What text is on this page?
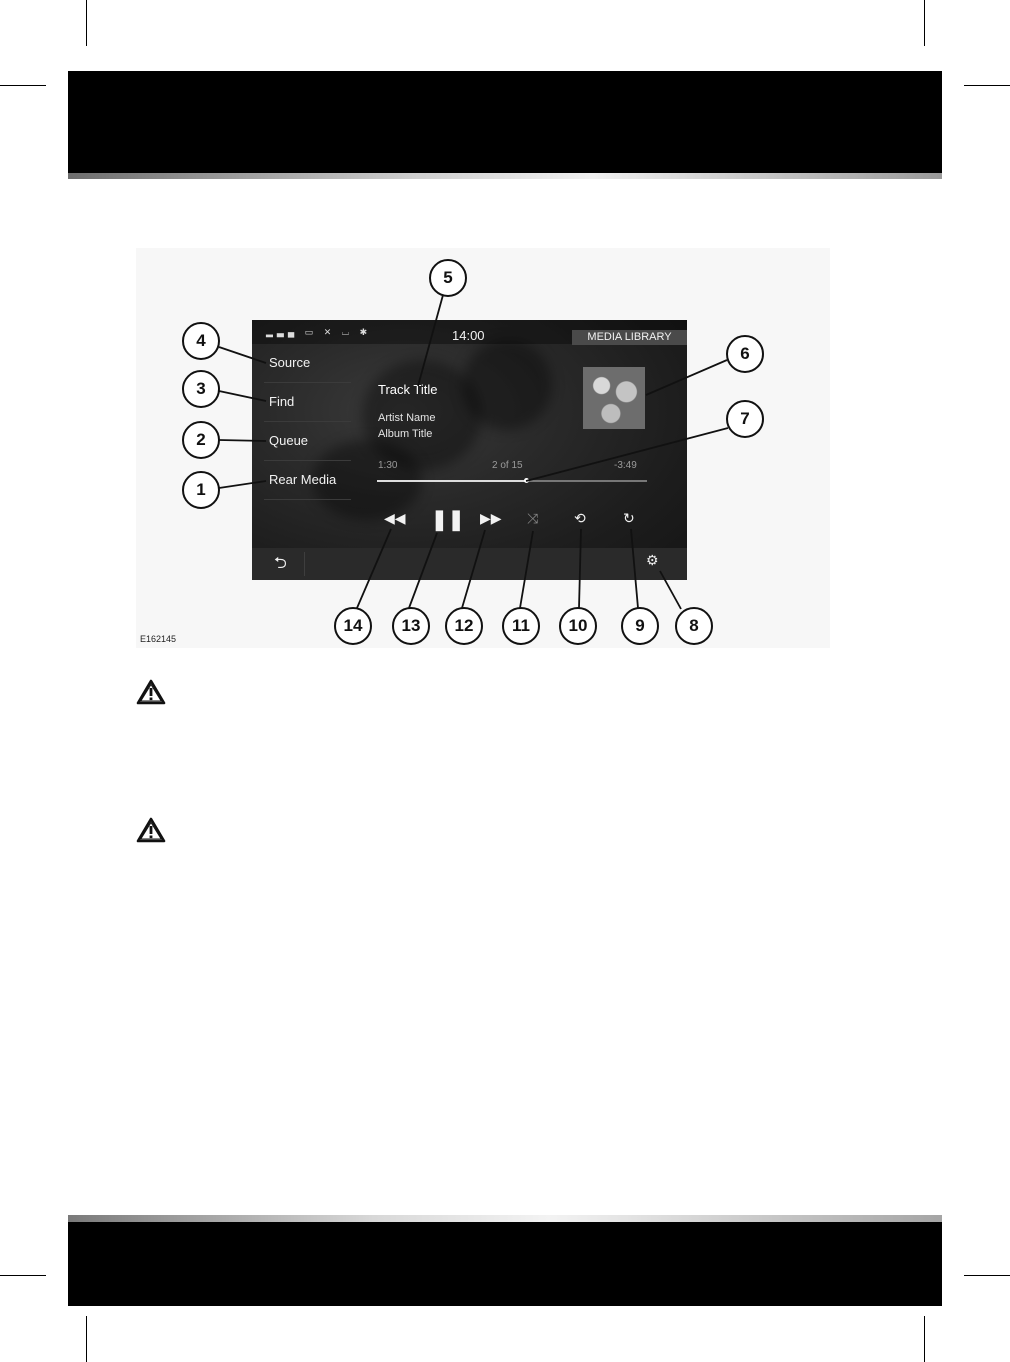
▂▃▄ ▭ ✕ ⌴ ✱	14:00	MEDIA LIBRARY
Source
Find
Queue
Rear Media
Track Title
Artist Name
Album Title
1:30	2 of 15	-3:49
◀◀ ❚❚ ▶▶ ⤨	⟲	↻
⮌	⚙
1
2
3
4
5
6
7
8
9
10
11
12
13
14
E162145
